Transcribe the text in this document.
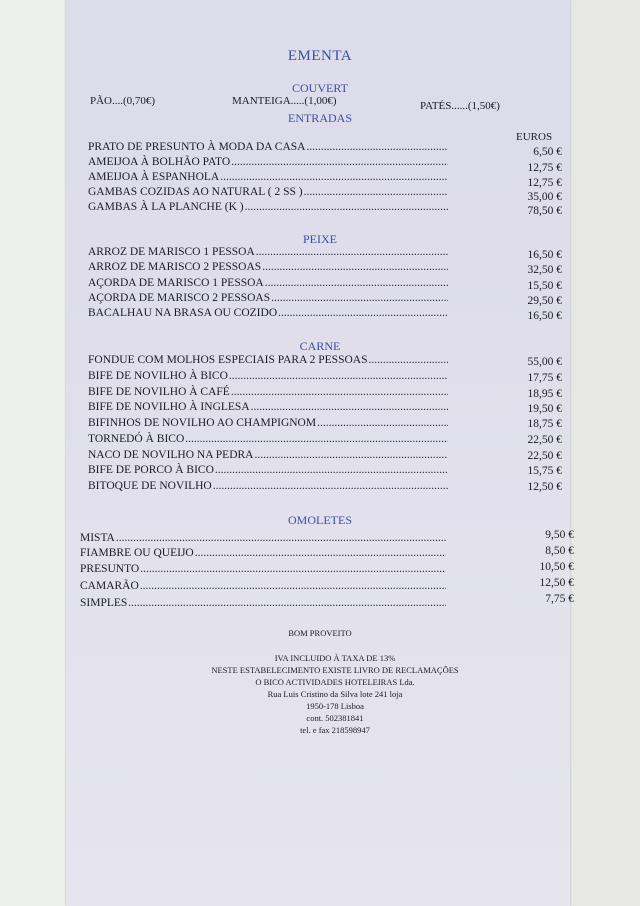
EMENTA
COUVERT
PÃO....(0,70€)	MANTEIGA.....(1,00€)	PATÉS......(1,50€)
ENTRADAS
EUROS
PRATO DE PRESUNTO À MODA DA CASA .....	6,50 €
AMEIJOA À BOLHÃO PATO .....	12,75 €
AMEIJOA À ESPANHOLA .....	12,75 €
GAMBAS COZIDAS AO NATURAL ( 2 SS ) .....	35,00 €
GAMBAS À LA PLANCHE (K ) .....	78,50 €
PEIXE
ARROZ DE MARISCO 1 PESSOA .....	16,50 €
ARROZ DE MARISCO 2 PESSOAS .....	32,50 €
AÇORDA DE MARISCO 1 PESSOA .....	15,50 €
AÇORDA DE MARISCO 2 PESSOAS .....	29,50 €
BACALHAU NA BRASA OU COZIDO .....	16,50 €
CARNE
FONDUE COM MOLHOS ESPECIAIS PARA 2 PESSOAS .....	55,00 €
BIFE DE NOVILHO À BICO .....	17,75 €
BIFE DE NOVILHO À CAFÉ .....	18,95 €
BIFE DE NOVILHO À INGLESA .....	19,50 €
BIFINHOS DE NOVILHO AO CHAMPIGNOM .....	18,75 €
TORNEDÓ À BICO .....	22,50 €
NACO DE NOVILHO NA PEDRA .....	22,50 €
BIFE DE PORCO À BICO .....	15,75 €
BITOQUE DE NOVILHO .....	12,50 €
OMOLETES
MISTA .....	9,50 €
FIAMBRE OU QUEIJO .....	8,50 €
PRESUNTO .....	10,50 €
CAMARÃO .....	12,50 €
SIMPLES .....	7,75 €
BOM PROVEITO
IVA INCLUIDO À TAXA DE 13%
NESTE ESTABELECIMENTO EXISTE LIVRO DE RECLAMAÇÕES
O BICO ACTIVIDADES HOTELEIRAS Lda.
Rua Luis Cristino da Silva lote 241 loja
1950-178 Lisboa
cont. 502381841
tel. e fax 218598947
